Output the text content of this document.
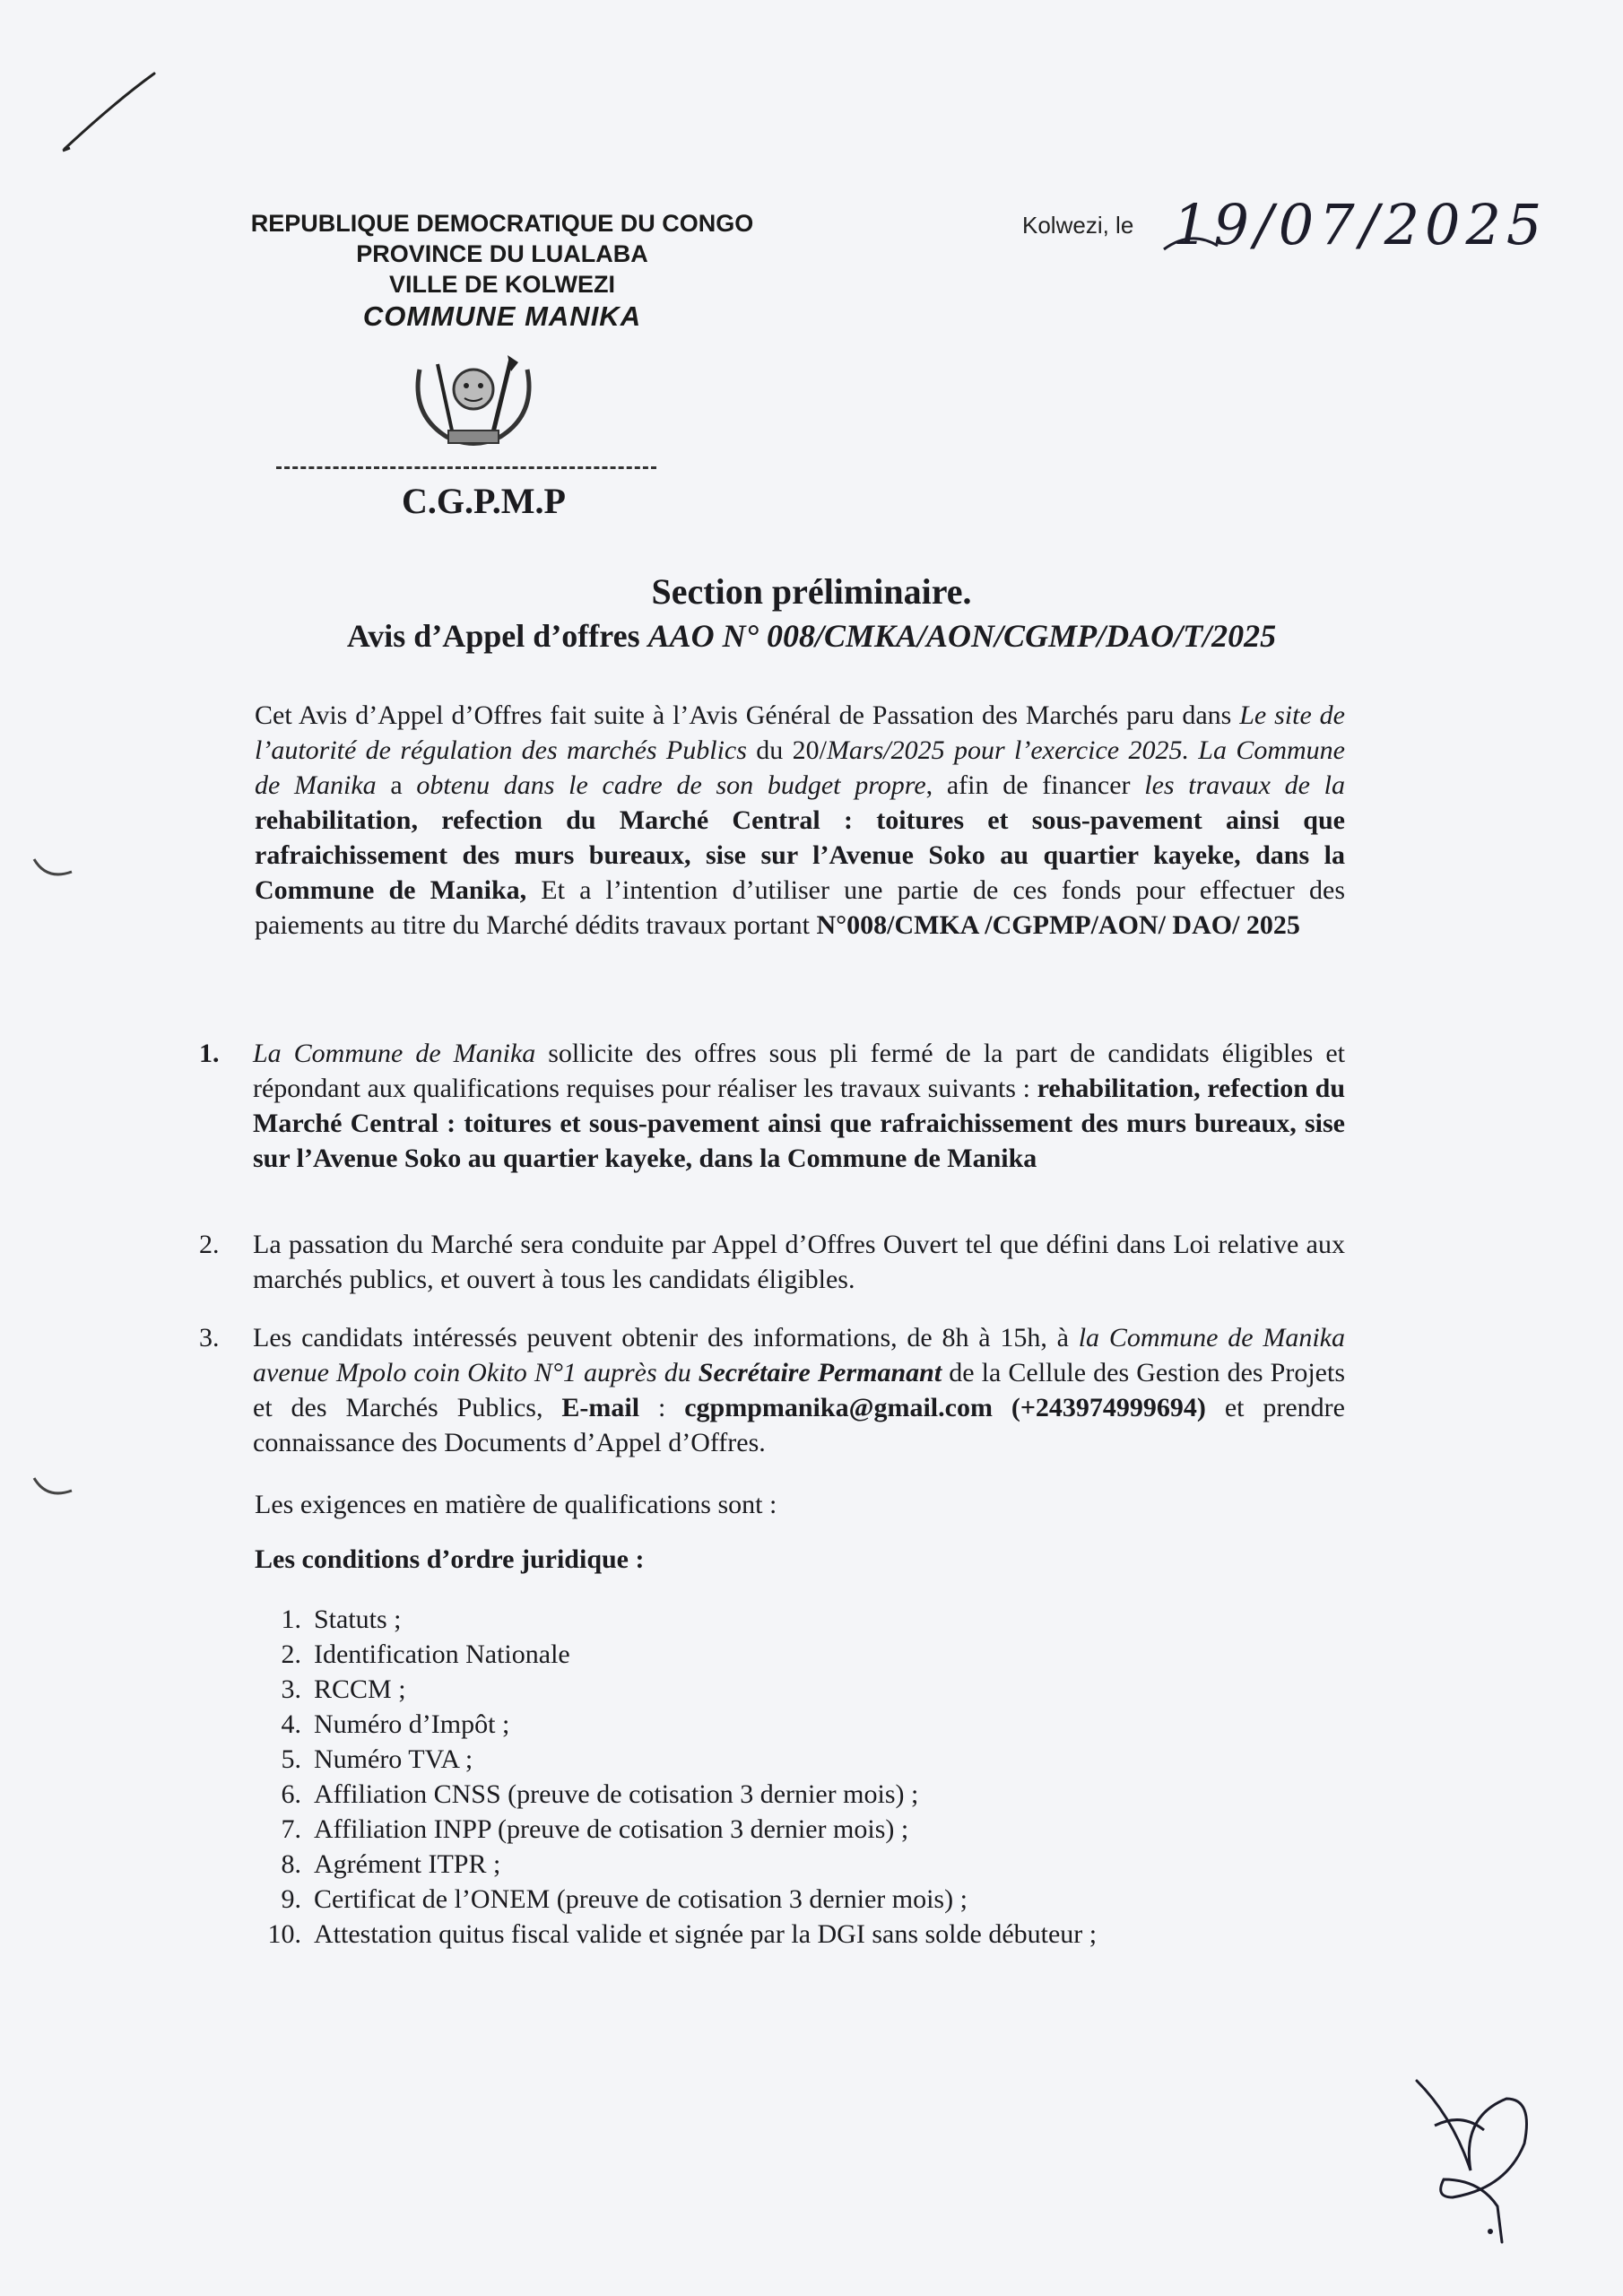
REPUBLIQUE DEMOCRATIQUE DU CONGO
PROVINCE DU LUALABA
VILLE DE KOLWEZI
COMMUNE MANIKA
C.G.P.M.P
Kolwezi, le 19/07/2025
Section préliminaire.
Avis d’Appel d’offres AAO N° 008/CMKA/AON/CGMP/DAO/T/2025
Cet Avis d’Appel d’Offres fait suite à l’Avis Général de Passation des Marchés paru dans Le site de l’autorité de régulation des marchés Publics du 20/Mars/2025 pour l’exercice 2025. La Commune de Manika a obtenu dans le cadre de son budget propre, afin de financer les travaux de la rehabilitation, refection du Marché Central : toitures et sous-pavement ainsi que rafraichissement des murs bureaux, sise sur l’Avenue Soko au quartier kayeke, dans la Commune de Manika, Et a l’intention d’utiliser une partie de ces fonds pour effectuer des paiements au titre du Marché dédits travaux portant N°008/CMKA /CGPMP/AON/ DAO/ 2025
1.	La Commune de Manika sollicite des offres sous pli fermé de la part de candidats éligibles et répondant aux qualifications requises pour réaliser les travaux suivants : rehabilitation, refection du Marché Central : toitures et sous-pavement ainsi que rafraichissement des murs bureaux, sise sur l’Avenue Soko au quartier kayeke, dans la Commune de Manika
2.	La passation du Marché sera conduite par Appel d’Offres Ouvert tel que défini dans Loi relative aux marchés publics, et ouvert à tous les candidats éligibles.
3.	Les candidats intéressés peuvent obtenir des informations, de 8h à 15h, à la Commune de Manika avenue Mpolo coin Okito N°1 auprès du Secrétaire Permanant de la Cellule des Gestion des Projets et des Marchés Publics, E-mail : cgpmpmanika@gmail.com (+243974999694) et prendre connaissance des Documents d’Appel d’Offres.
Les exigences en matière de qualifications sont :
Les conditions d’ordre juridique :
1. Statuts ;
2. Identification Nationale
3. RCCM ;
4. Numéro d’Impôt ;
5. Numéro TVA ;
6. Affiliation CNSS (preuve de cotisation 3 dernier mois) ;
7. Affiliation INPP (preuve de cotisation 3 dernier mois) ;
8. Agrément ITPR ;
9. Certificat de l’ONEM (preuve de cotisation 3 dernier mois) ;
10. Attestation quitus fiscal valide et signée par la DGI sans solde débuteur ;
